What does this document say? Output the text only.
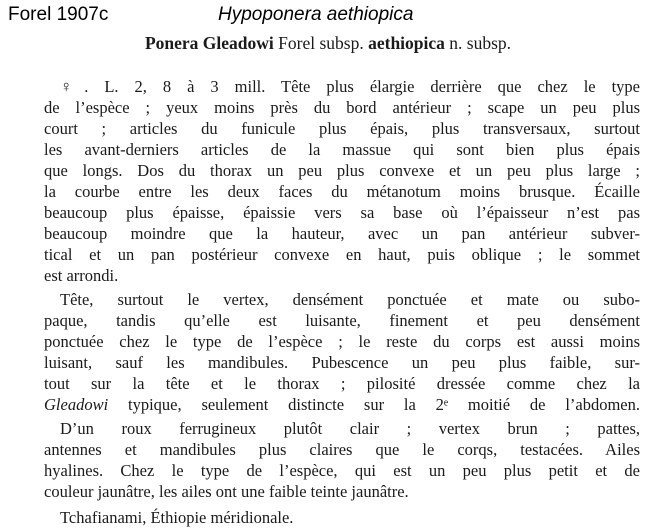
Forel 1907c	Hypoponera aethiopica
Ponera Gleadowi Forel subsp. aethiopica n. subsp.
♀. L. 2, 8 à 3 mill. Tête plus élargie derrière que chez le type
de l’espèce ; yeux moins près du bord antérieur ; scape un peu plus
court ; articles du funicule plus épais, plus transversaux, surtout
les avant-derniers articles de la massue qui sont bien plus épais
que longs. Dos du thorax un peu plus convexe et un peu plus large ;
la courbe entre les deux faces du métanotum moins brusque. Écaille
beaucoup plus épaisse, épaissie vers sa base où l’épaisseur n’est pas
beaucoup moindre que la hauteur, avec un pan antérieur subver-
tical et un pan postérieur convexe en haut, puis oblique ; le sommet
est arrondi.
Tête, surtout le vertex, densément ponctuée et mate ou subo-
paque, tandis qu’elle est luisante, finement et peu densément
ponctuée chez le type de l’espèce ; le reste du corps est aussi moins
luisant, sauf les mandibules. Pubescence un peu plus faible, sur-
tout sur la tête et le thorax ; pilosité dressée comme chez la
Gleadowi typique, seulement distincte sur la 2ᵉ moitié de l’abdomen.
D’un roux ferrugineux plutôt clair ; vertex brun ; pattes,
antennes et mandibules plus claires que le corqs, testacées. Ailes
hyalines. Chez le type de l’espèce, qui est un peu plus petit et de
couleur jaunâtre, les ailes ont une faible teinte jaunâtre.
Tchafianami, Éthiopie méridionale.
